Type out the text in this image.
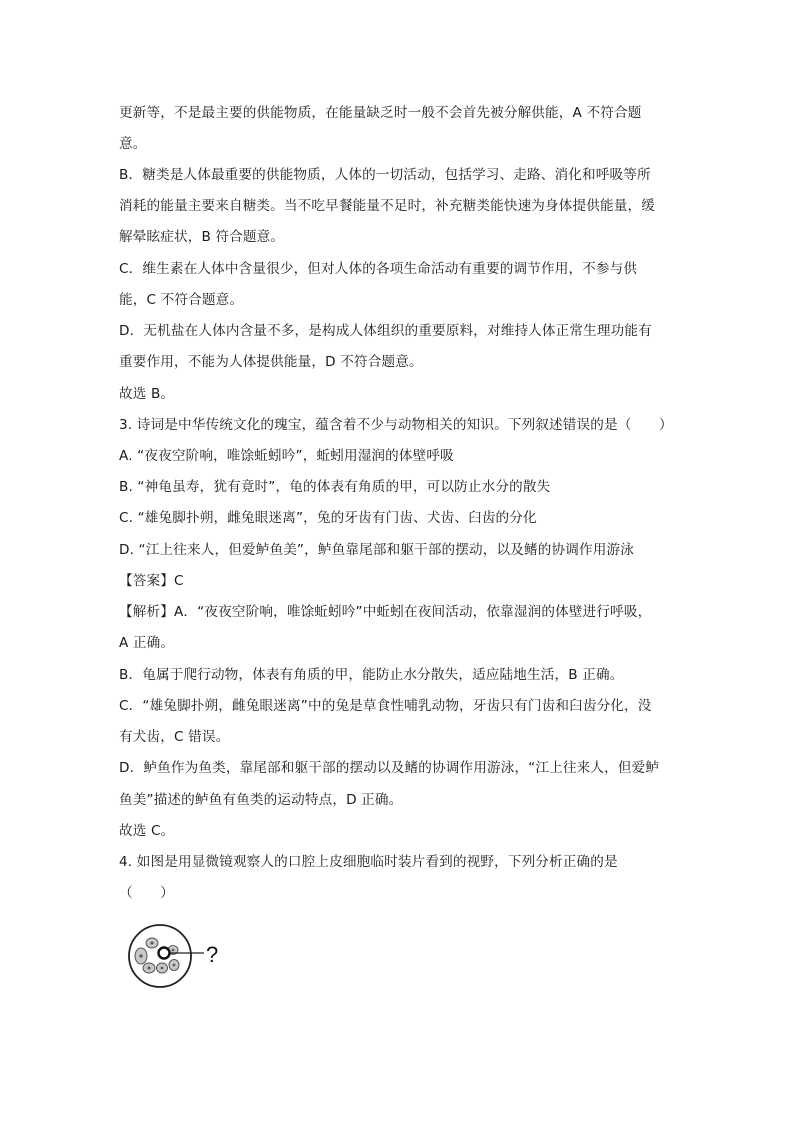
更新等，不是最主要的供能物质，在能量缺乏时一般不会首先被分解供能，A 不符合题
意。
B．糖类是人体最重要的供能物质，人体的一切活动，包括学习、走路、消化和呼吸等所
消耗的能量主要来自糖类。当不吃早餐能量不足时，补充糖类能快速为身体提供能量，缓
解晕眩症状，B 符合题意。
C．维生素在人体中含量很少，但对人体的各项生命活动有重要的调节作用，不参与供
能，C 不符合题意。
D．无机盐在人体内含量不多，是构成人体组织的重要原料，对维持人体正常生理功能有
重要作用，不能为人体提供能量，D 不符合题意。
故选 B。
3. 诗词是中华传统文化的瑰宝，蕴含着不少与动物相关的知识。下列叙述错误的是（　　）
A. “夜夜空阶响，唯馀蚯蚓吟”，蚯蚓用湿润的体壁呼吸
B. “神龟虽寿，犹有竟时”，龟的体表有角质的甲，可以防止水分的散失
C. “雄兔脚扑朔，雌兔眼迷离”，兔的牙齿有门齿、犬齿、臼齿的分化
D. “江上往来人，但爱鲈鱼美”，鲈鱼靠尾部和躯干部的摆动，以及鳍的协调作用游泳
【答案】C
【解析】A．“夜夜空阶响，唯馀蚯蚓吟”中蚯蚓在夜间活动，依靠湿润的体壁进行呼吸，
A 正确。
B．龟属于爬行动物，体表有角质的甲，能防止水分散失，适应陆地生活，B 正确。
C．“雄兔脚扑朔，雌兔眼迷离”中的兔是草食性哺乳动物，牙齿只有门齿和臼齿分化，没
有犬齿，C 错误。
D．鲈鱼作为鱼类，靠尾部和躯干部的摆动以及鳍的协调作用游泳，“江上往来人，但爱鲈
鱼美”描述的鲈鱼有鱼类的运动特点，D 正确。
故选 C。
4. 如图是用显微镜观察人的口腔上皮细胞临时装片看到的视野，下列分析正确的是
（　　）
?
